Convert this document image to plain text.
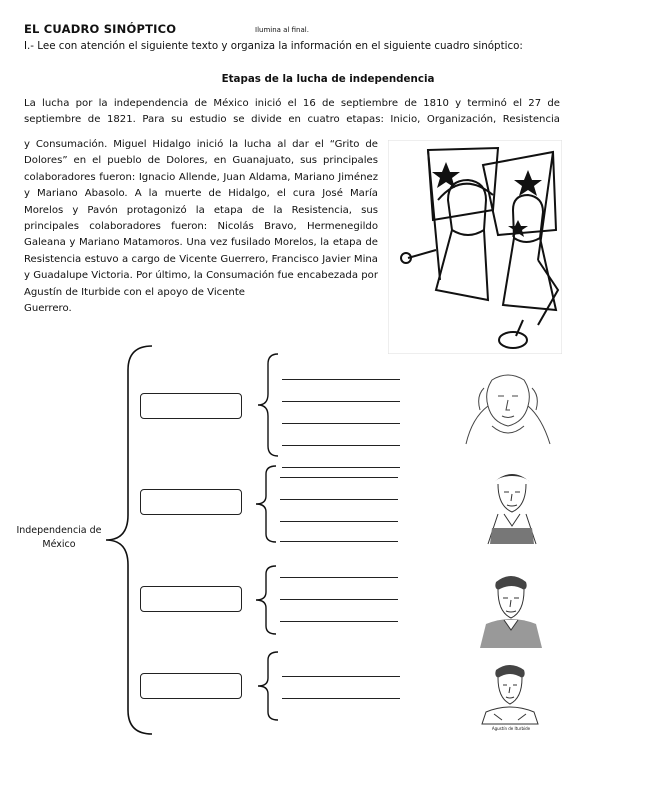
EL CUADRO SINÓPTICO	Ilumina al final.
I.- Lee con atención el siguiente texto y organiza la información en el siguiente cuadro sinóptico:
Etapas de la lucha de independencia
La lucha por la independencia de México inició el 16 de septiembre de 1810 y terminó el 27 de septiembre de 1821. Para su estudio se divide en cuatro etapas: Inicio, Organización, Resistencia
y Consumación. Miguel Hidalgo inició la lucha al dar el “Grito de Dolores” en el pueblo de Dolores, en Guanajuato, sus principales colaboradores fueron: Ignacio Allende, Juan Aldama, Mariano Jiménez y Mariano Abasolo. A la muerte de Hidalgo, el cura José María Morelos y Pavón protagonizó la etapa de la Resistencia, sus principales colaboradores fueron: Nicolás Bravo, Hermenegildo Galeana y Mariano Matamoros. Una vez fusilado Morelos, la etapa de Resistencia estuvo a cargo de Vicente Guerrero, Francisco Javier Mina y Guadalupe Victoria. Por último, la Consumación fue encabezada por Agustín de Iturbide con el apoyo de Vicente
Guerrero.
Independencia de México
Agustín de Iturbide
